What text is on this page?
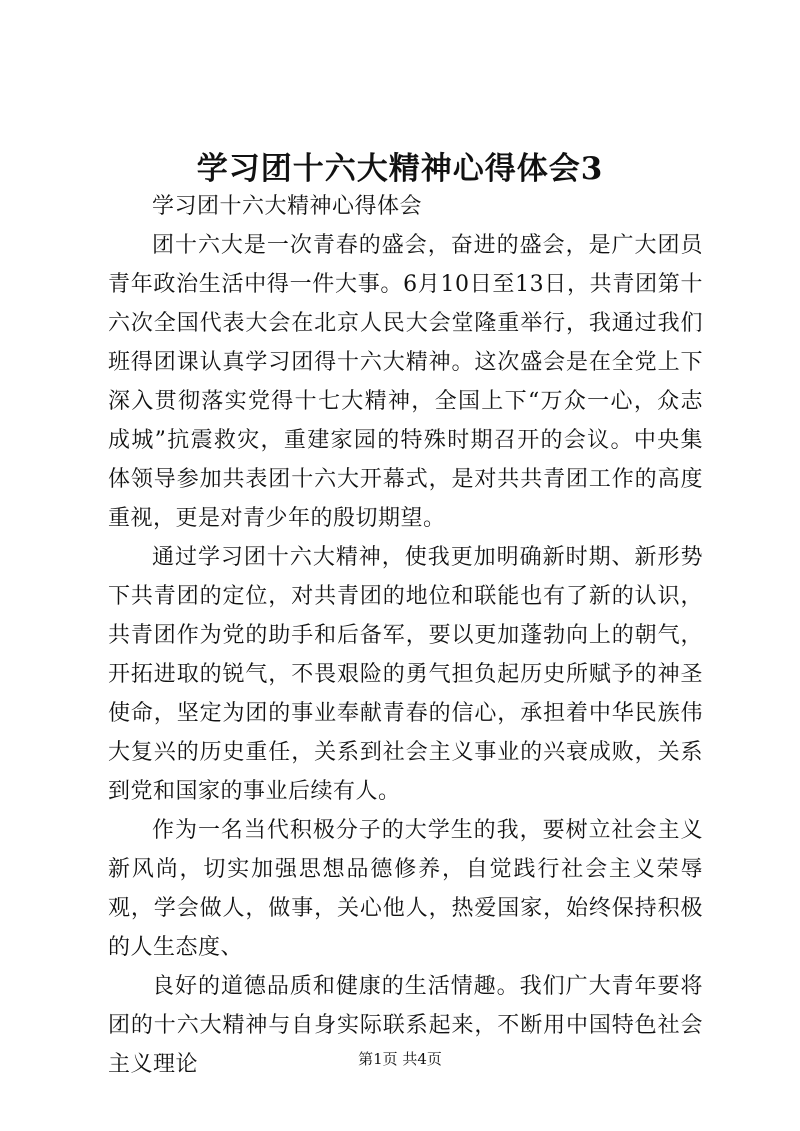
学习团十六大精神心得体会3

学习团十六大精神心得体会

团十六大是一次青春的盛会，奋进的盛会，是广大团员青年政治生活中得一件大事。6月10日至13日，共青团第十六次全国代表大会在北京人民大会堂隆重举行，我通过我们班得团课认真学习团得十六大精神。这次盛会是在全党上下深入贯彻落实党得十七大精神，全国上下“万众一心，众志成城”抗震救灾，重建家园的特殊时期召开的会议。中央集体领导参加共表团十六大开幕式，是对共共青团工作的高度重视，更是对青少年的殷切期望。

通过学习团十六大精神，使我更加明确新时期、新形势下共青团的定位，对共青团的地位和联能也有了新的认识，共青团作为党的助手和后备军，要以更加蓬勃向上的朝气，开拓进取的锐气，不畏艰险的勇气担负起历史所赋予的神圣使命，坚定为团的事业奉献青春的信心，承担着中华民族伟大复兴的历史重任，关系到社会主义事业的兴衰成败，关系到党和国家的事业后续有人。

作为一名当代积极分子的大学生的我，要树立社会主义新风尚，切实加强思想品德修养，自觉践行社会主义荣辱观，学会做人，做事，关心他人，热爱国家，始终保持积极的人生态度、

良好的道德品质和健康的生活情趣。我们广大青年要将团的十六大精神与自身实际联系起来，不断用中国特色社会主义理论	第1页 共4页
